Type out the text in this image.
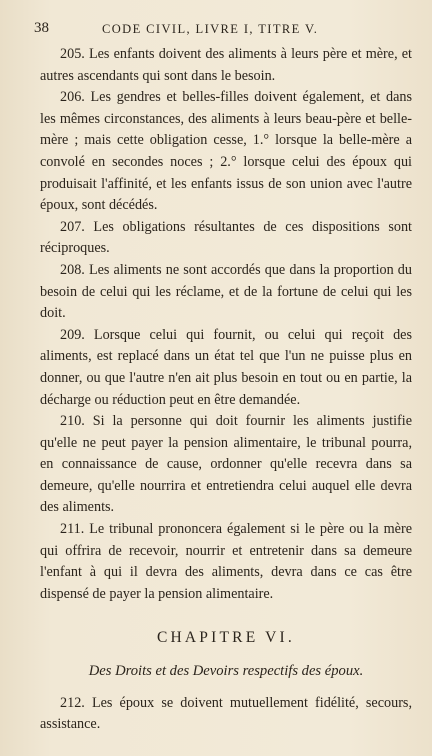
38	CODE CIVIL, LIVRE I, TITRE V.

205. Les enfants doivent des aliments à leurs père et mère, et autres ascendants qui sont dans le besoin.

206. Les gendres et belles-filles doivent également, et dans les mêmes circonstances, des aliments à leurs beau-père et belle-mère ; mais cette obligation cesse, 1.° lorsque la belle-mère a convolé en secondes noces ; 2.° lorsque celui des époux qui produisait l'affinité, et les enfants issus de son union avec l'autre époux, sont décédés.

207. Les obligations résultantes de ces dispositions sont réciproques.

208. Les aliments ne sont accordés que dans la proportion du besoin de celui qui les réclame, et de la fortune de celui qui les doit.

209. Lorsque celui qui fournit, ou celui qui reçoit des aliments, est replacé dans un état tel que l'un ne puisse plus en donner, ou que l'autre n'en ait plus besoin en tout ou en partie, la décharge ou réduction peut en être demandée.

210. Si la personne qui doit fournir les aliments justifie qu'elle ne peut payer la pension alimentaire, le tribunal pourra, en connaissance de cause, ordonner qu'elle recevra dans sa demeure, qu'elle nourrira et entretiendra celui auquel elle devra des aliments.

211. Le tribunal prononcera également si le père ou la mère qui offrira de recevoir, nourrir et entretenir dans sa demeure l'enfant à qui il devra des aliments, devra dans ce cas être dispensé de payer la pension alimentaire.

CHAPITRE VI.
Des Droits et des Devoirs respectifs des époux.

212. Les époux se doivent mutuellement fidélité, secours, assistance.
